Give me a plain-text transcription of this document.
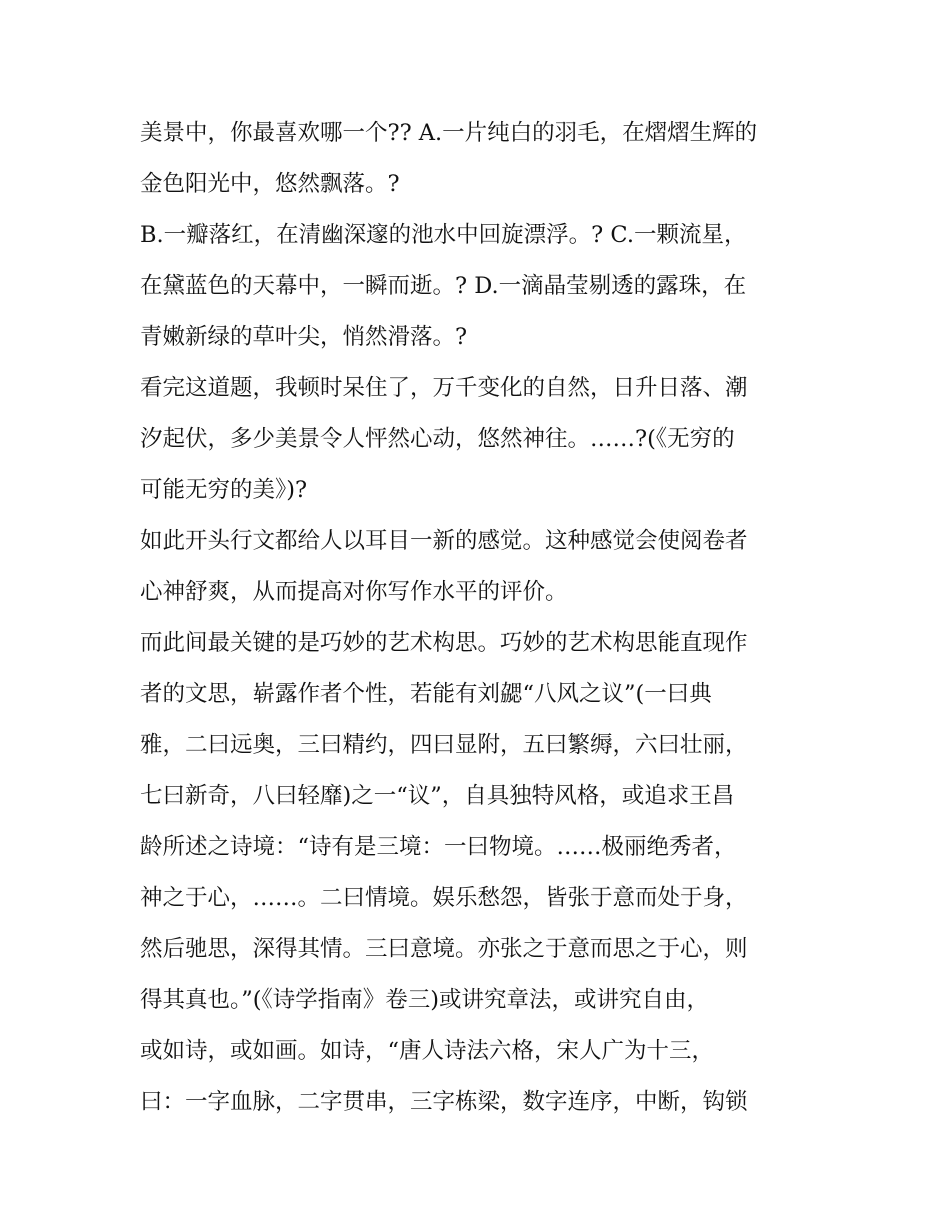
美景中，你最喜欢哪一个?? A.一片纯白的羽毛，在熠熠生辉的
金色阳光中，悠然飘落。?
B.一瓣落红，在清幽深邃的池水中回旋漂浮。? C.一颗流星，
在黛蓝色的天幕中，一瞬而逝。? D.一滴晶莹剔透的露珠，在
青嫩新绿的草叶尖，悄然滑落。?
看完这道题，我顿时呆住了，万千变化的自然，日升日落、潮
汐起伏，多少美景令人怦然心动，悠然神往。……?(《无穷的
可能无穷的美》)?
如此开头行文都给人以耳目一新的感觉。这种感觉会使阅卷者
心神舒爽，从而提高对你写作水平的评价。
而此间最关键的是巧妙的艺术构思。巧妙的艺术构思能直现作
者的文思，崭露作者个性，若能有刘勰“八风之议”(一曰典
雅，二曰远奥，三曰精约，四曰显附，五曰繁缛，六曰壮丽，
七曰新奇，八曰轻靡)之一“议”，自具独特风格，或追求王昌
龄所述之诗境：“诗有是三境：一曰物境。……极丽绝秀者，
神之于心，……。二曰情境。娱乐愁怨，皆张于意而处于身，
然后驰思，深得其情。三曰意境。亦张之于意而思之于心，则
得其真也。”(《诗学指南》卷三)或讲究章法，或讲究自由，
或如诗，或如画。如诗，“唐人诗法六格，宋人广为十三，
曰：一字血脉，二字贯串，三字栋梁，数字连序，中断，钩锁
